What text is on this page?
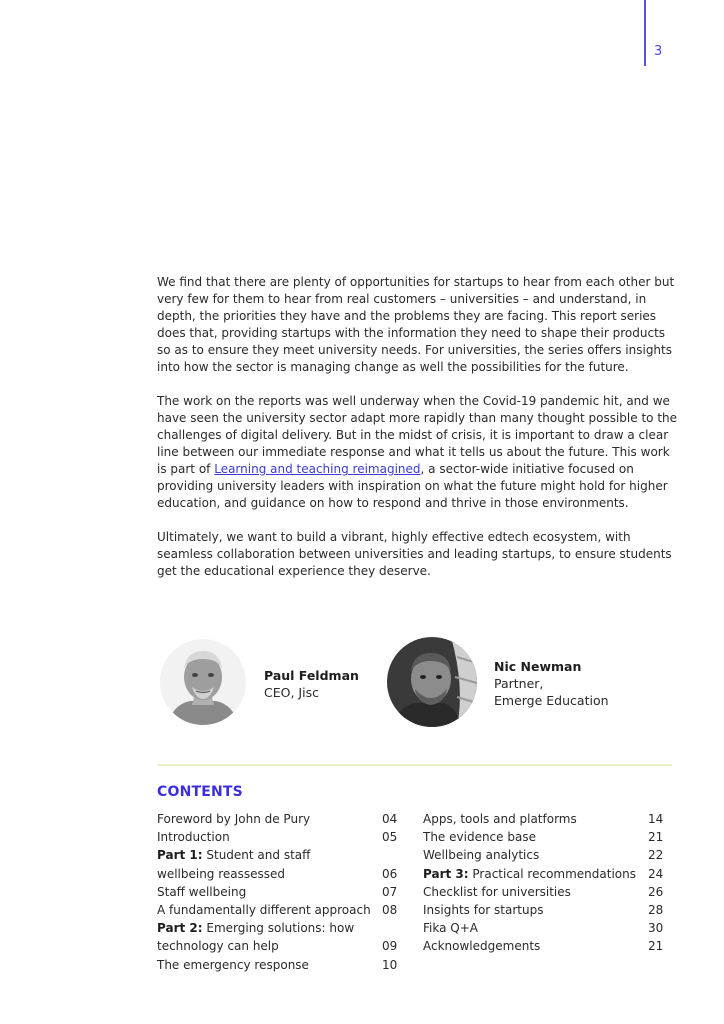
3

We find that there are plenty of opportunities for startups to hear from each other but very few for them to hear from real customers – universities – and understand, in depth, the priorities they have and the problems they are facing. This report series does that, providing startups with the information they need to shape their products so as to ensure they meet university needs. For universities, the series offers insights into how the sector is managing change as well the possibilities for the future.

The work on the reports was well underway when the Covid-19 pandemic hit, and we have seen the university sector adapt more rapidly than many thought possible to the challenges of digital delivery. But in the midst of crisis, it is important to draw a clear line between our immediate response and what it tells us about the future. This work is part of Learning and teaching reimagined, a sector-wide initiative focused on providing university leaders with inspiration on what the future might hold for higher education, and guidance on how to respond and thrive in those environments.

Ultimately, we want to build a vibrant, highly effective edtech ecosystem, with seamless collaboration between universities and leading startups, to ensure students get the educational experience they deserve.

Paul Feldman
CEO, Jisc
Nic Newman
Partner,
Emerge Education
CONTENTS
Foreword by John de Pury	04
Introduction	05
Part 1: Student and staff
wellbeing reassessed	06
Staff wellbeing	07
A fundamentally different approach 08
Part 2: Emerging solutions: how
technology can help	09
The emergency response	10
Apps, tools and platforms	14
The evidence base	21
Wellbeing analytics	22
Part 3: Practical recommendations 24
Checklist for universities	26
Insights for startups	28
Fika Q+A	30
Acknowledgements	21
